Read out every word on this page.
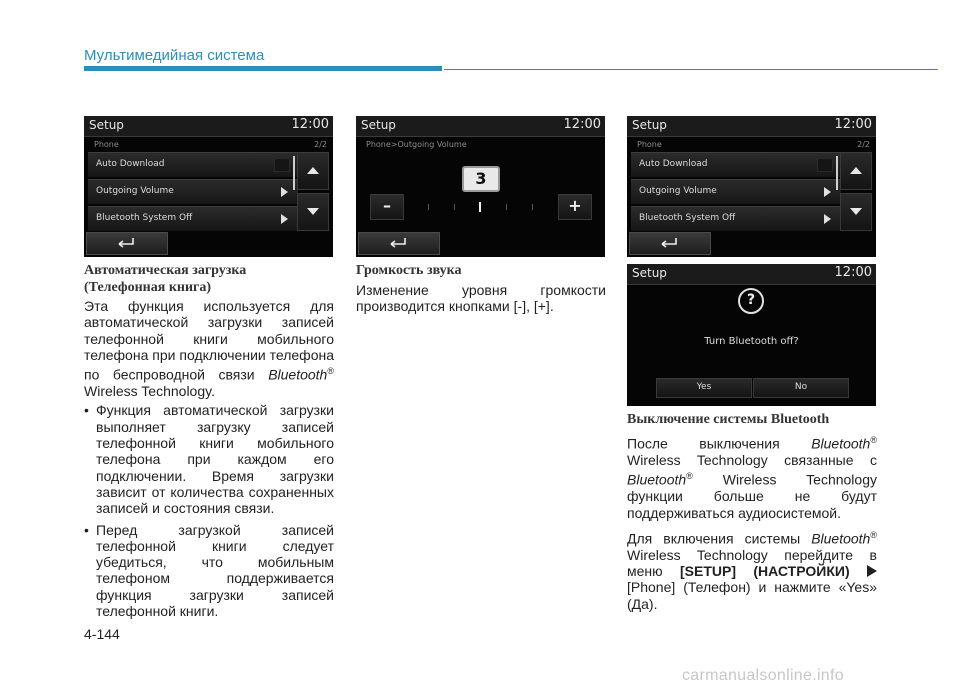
Мультимедийная система
Setup	12:00
Phone	2/2
Auto Download
Outgoing Volume
Bluetooth System Off
Setup	12:00
Phone>Outgoing Volume
3
–	+
Setup	12:00
Phone	2/2
Auto Download
Outgoing Volume
Bluetooth System Off
Setup	12:00
?
Turn Bluetooth off?
Yes	No
Автоматическая загрузка
(Телефонная книга)

Эта функция используется для автоматической загрузки записей телефонной книги мобильного телефона при подключении телефона по беспроводной связи Bluetooth® Wireless Technology.

• Функция автоматической загрузки выполняет загрузку записей телефонной книги мобильного телефона при каждом его подключении. Время загрузки зависит от количества сохраненных записей и состояния связи.

• Перед загрузкой записей телефонной книги следует убедиться, что мобильным телефоном поддерживается функция загрузки записей телефонной книги.

Громкость звука

Изменение уровня громкости производится кнопками [-], [+].

Выключение системы Bluetooth

После выключения Bluetooth® Wireless Technology связанные с Bluetooth® Wireless Technology функции больше не будут поддерживаться аудиосистемой.

Для включения системы Bluetooth® Wireless Technology перейдите в меню [SETUP] (НАСТРОЙКИ)  [Phone] (Телефон) и нажмите «Yes» (Да).

4-144
carmanualsonline.info
